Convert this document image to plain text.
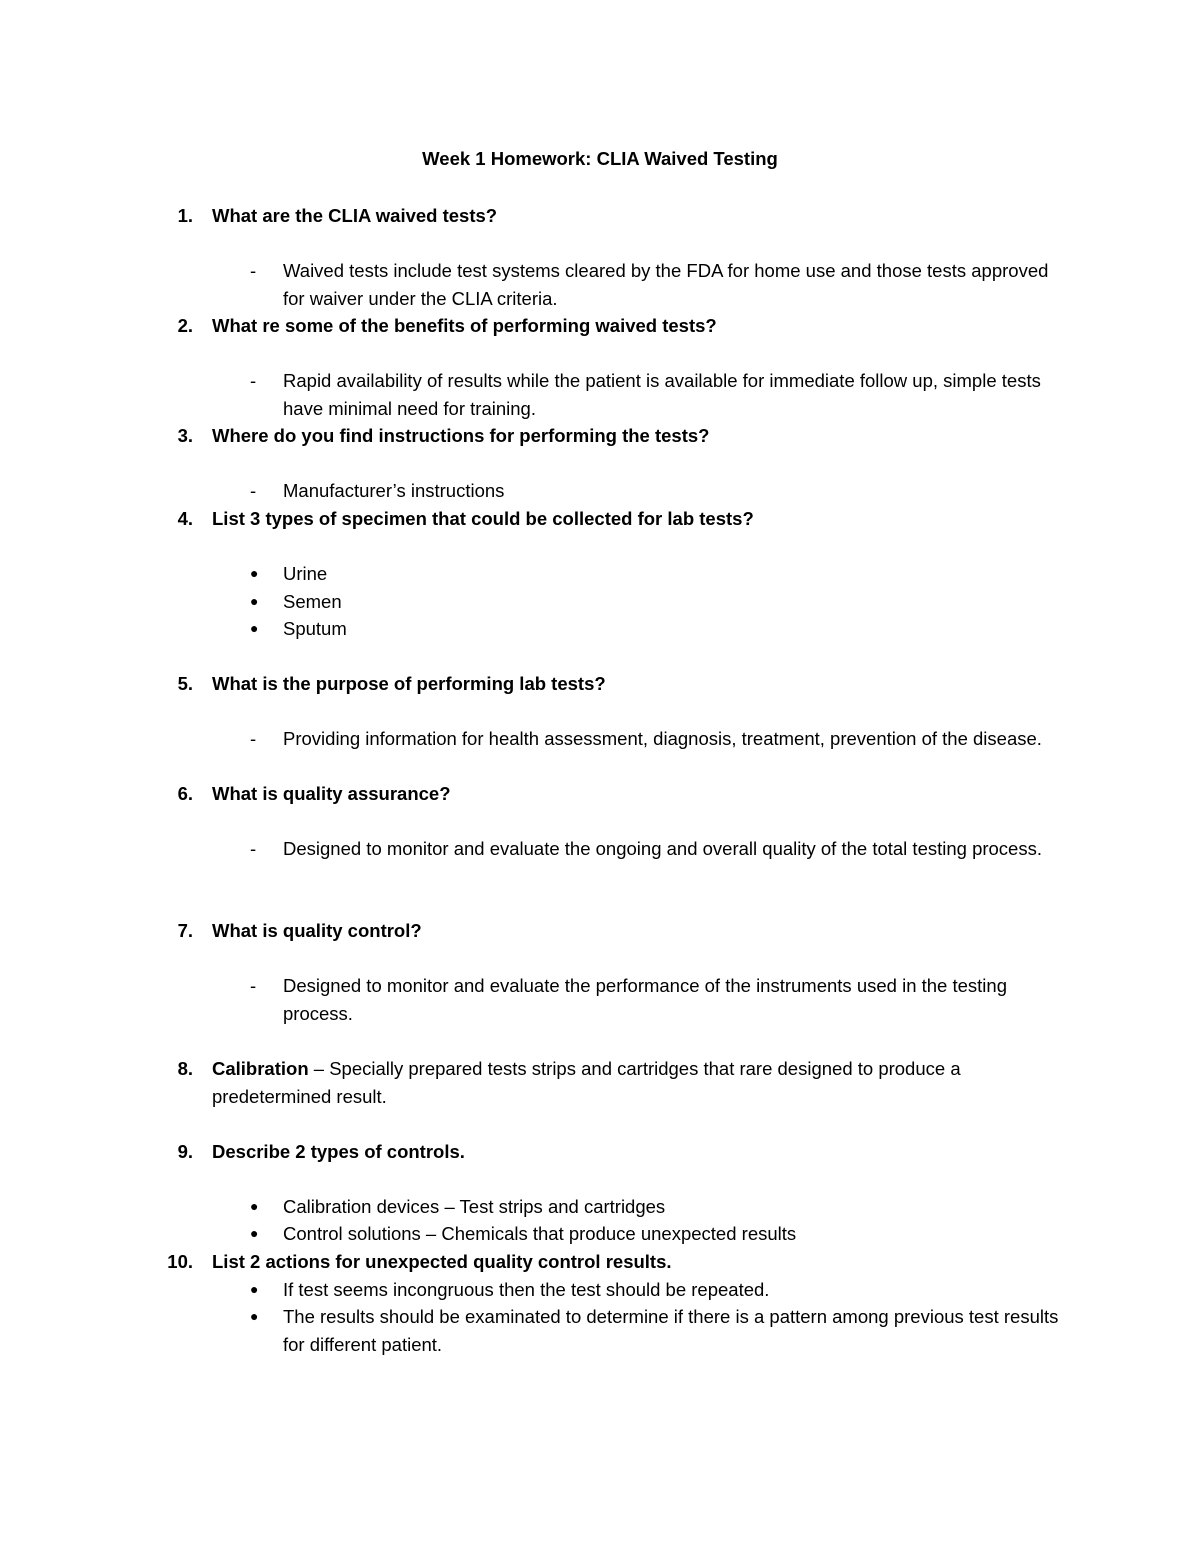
Week 1 Homework: CLIA Waived Testing
1. What are the CLIA waived tests?
-	Waived tests include test systems cleared by the FDA for home use and those tests approved for waiver under the CLIA criteria.
2. What re some of the benefits of performing waived tests?
-	Rapid availability of results while the patient is available for immediate follow up, simple tests have minimal need for training.
3. Where do you find instructions for performing the tests?
-	Manufacturer’s instructions
4. List 3 types of specimen that could be collected for lab tests?
●	Urine
●	Semen
●	Sputum
5. What is the purpose of performing lab tests?
-	Providing information for health assessment, diagnosis, treatment, prevention of the disease.
6. What is quality assurance?
-	Designed to monitor and evaluate the ongoing and overall quality of the total testing process.
7. What is quality control?
-	Designed to monitor and evaluate the performance of the instruments used in the testing process.
8. Calibration – Specially prepared tests strips and cartridges that rare designed to produce a predetermined result.
9. Describe 2 types of controls.
●	Calibration devices – Test strips and cartridges
●	Control solutions – Chemicals that produce unexpected results
10. List 2 actions for unexpected quality control results.
●	If test seems incongruous then the test should be repeated.
●	The results should be examinated to determine if there is a pattern among previous test results for different patient.
